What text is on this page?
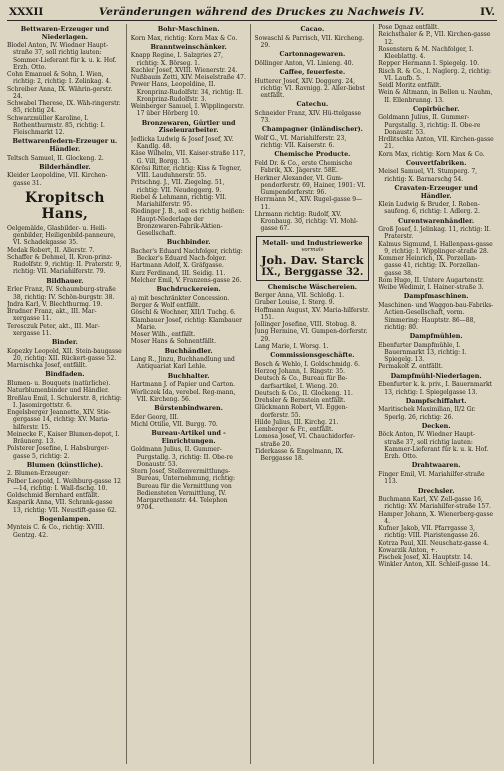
XXXII	Veränderungen während des Druckes zu Nachweis IV.	IV.
Bettwaren-Erzeuger und Niederlagen.
Blodel Anton, IV. Wiedner Haupt-straße 37, soll richtig lauten: Sommer-Lieferant für k. u. k. Hof. Erzh. Otto.
Cohn Emanuel & Sohn, I. Wien, richtig: 2, richtig: I. Zelinkag. 4.
Schreiber Anna, IX. Währin-gerstr. 24.
Schwabel Therese, IX. Wäh-ringerstr. 85, richtig 24.
Schwarzmüller Karoline, I. Rothenthurmstr. 85, richtig: I. Fleischmarkt 12.
Bettwarenfedern-Erzeuger u. Händler.
Teltsch Samuel, II. Glockeng. 2.
Bilderhändler.
Kleider Leopoldine, VII. Kirchen-gasse 31.
Kropitsch Hans,
Oelgemälde, Glasbilder- u. Heili-genbilder, Heiligenbild-panneure, VI. Schadekgasse 35.
Medak Robert, II. Allerstr. 7.
Schaffer & Dehmel, II. Kron-prinz-Rudolfstr. 9, richtig: II. Praterstr. 9, richtig: VII. Mariahilferstr. 79.
Bildhauer.
Erler Franz, IV. Schaumburg-straße 38, richtig: IV. Schön-burgstr. 38.
Jndra Karl, V. Blechthurmg. 19.
Brudner Franz, akt., III. Mar-xergasse 11.
Teresczuk Peter, akt., III. Mar-xergasse 11.
Binder.
Kopezky Leopold, XII. Stein-baugasse 20, richtig: XII. Rückert-gasse 52.
Marnischka Josef, entfällt.
Bindfaden.
Blumen- u. Bouquets (natürliche).
Naturblumenbinder und Händler.
Breßlau Emil, I. Schulerstr. 8, richtig: I. Jasomirgottstr. 6.
Engelsberger Jeannette, XIV. Stie-gergasse 14, richtig: XV. Maria-hilferstr. 15.
Meinecke F., Kaiser Blumen-depot, I. Bräunerg. 13.
Polsterer Josefine, I. Habsburger-gasse 5, richtig: 2.
Blumen (künstliche).
2. Blumen-Erzeuger:
Felber Leopold, I. Weihburg-gasse 12—14, richtig: I. Wall-fischg. 10.
Goldschmid Bernhard entfällt.
Kasparik Anna, VII. Schrank-gasse 13, richtig: VII. Neustift-gasse 62.
Bogenlampen.
Mynteis C. & Co., richtig: XVIII. Gentzg. 42.
Bohr-Maschinen.
Korn Max, richtig: Korn Max & Co.
Branntweinschänker.
Knapp Regine, I. Salzgries 27, richtig: X. Börseg. 1.
Kuchler Josef, XVIII. Wienerstr. 24.
Nußbaum Zetti, XIV. Meiselstraße 47.
Pewer Hans, Leopoldine, II. Kronprinz-Rudolfstr. 34, richtig: II. Kronprinz-Rudolfstr. 3.
Weinberger Samuel, I. Wipplingerstr. 17 über Hörberg 10.
Bronzewaren, Gürtler und Ziseleurarbeiter.
Jedlicka Ludwig & Josef Josef, XV. Kandlg. 48.
Käse Wilhelm, VII. Kaiser-straße 117, G. Vill, Borgg. 15.
Körösi Ritter, richtig: Kiss & Tegner, VIII. Lauduhnerstr. 55.
Pritschng. J., VII. Ziegelng. 51, richtig: VII. Neudeggerg. 9.
Riebel & Lehmann, richtig: VII. Mariahilferstr. 95.
Riedinger J. B., soll es richtig heißen: Haupt-Niederlage der Bronzewaren-Fabrik-Aktien-Gesellschaft.
Buchbinder.
Bacher's Eduard Nachfolger, richtig: Becker's Eduard Nach-folger.
Hartmann Adolf, X. Gräfgasse.
Kurz Ferdinand, III. Seidig. 11.
Melcher Emil, V. Franzens-gasse 26.
Buchdruckereien.
a) mit beschränkter Concession.
Berger & Wolf entfällt.
Göschl & Wochner, XII/1 Tuchg. 6.
Klambauer Josef, richtig: Klambauer Marie.
Moser Wilh., entfällt.
Moser Hans & Sohnentfällt.
Buchhändler.
Lang R., Jinzu, Buchhandlung und Antiquariat Karl Lehle.
Buchhalter.
Hartmann J. of Papier und Carton.
Worliczek Ida, verebel. Reg-mann, VII. Kircheng. 56.
Bürstenbindwaren.
Eder Georg, III.
Michl Ottilie, VII. Burgg. 70.
Bureau-Artikel und -Einrichtungen.
Goldmann Julius, II. Gummer-Purgstallg. 3, richtig: II. Obe-re Donaustr. 53.
Stern Josef, Stellenvermittlungs-Bureau, Unternehmung, richtig: Bureau für die Vermittlung von Bediensteten Vermittlung, IV. Margarethenstr. 44. Telephon 9704.
Cacao.
Sowaschl & Parrisch, VII. Kircheng. 29.
Cartonnagewaren.
Döllinger Anton, VI. Linieng. 40.
Caffee, feuerfeste.
Hutterer Josef, XIV. Doggerg. 24, richtig: VI. Ravnigg. 2. Aller-liebst entfällt.
Catechu.
Schneider Franz, XIV. Hü-ttelgasse 73.
Champagner (inländischer).
Wolf G., VI. Mariahilferstr. 23, richtig: VII. Kaiserstr. 6.
Chemische Producte.
Feld Dr. & Co., erste Chemische Fabrik, XX. Jägerstr. 58E.
Herkner Alexander, VI. Gum-pendorferstr. 69, Hainer, 1901: VI. Gumpendorferstr. 96.
Herrmann M., XIV. Rugel-gasse 9—11.
Lhrmann richtig: Rudolf, XV. Kronbaug. 30, richtig: VI. Mohl-gasse 67.
Metall- und Industriewerke
vormals
Joh. Dav. Starck
IX., Berggasse 32.
Chemische Wäschereien.
Berger Anna, VII. Schloßg. 1.
Gruber Louise, I. Sterg. 9.
Hoffmann August, XV. Maria-hilferstr. 151.
Jollinger Josefine, VIII. Stobug. 8.
Jung Hermine, VI. Gumpen-dorferstr. 29.
Lang Marie, I. Worsg. 1.
Commissionsgeschäfte.
Bosch & Wehlo, I. Goldschmidg. 6.
Herzog Johann, I. Ringstr. 35.
Deutsch & Co., Bureau für Be-darfsartikel, I. Wieng. 20.
Deutsch & Co., II. Glockeng. 11.
Drehsler & Bernstein entfällt.
Glückmann Robert, VI. Eggen-dorferstr. 55.
Hilde Julius, III. Kirchg. 21.
Lemberger & Fr., entfällt.
Lomosa Josef, VI. Chauchidorfer-straße 20.
Tiderkasse & Engelmann, IX. Berggasse 18.
Pose Dgnaz entfällt.
Reichsthaler & P., VII. Kirchen-gasse 12.
Rosenstern & M. Nachfolger, I. Kleeblattg. 4.
Repper Hermann I. Spiegelg. 10.
Risch R. & Co., I. Naglerg. 2, richtig: VI. Laufb. 5.
Seidl Moritz entfällt.
Wein & Altmann, in Bellen u. Nauhm, II. Ellenbrunng. 13.
Copirbücher.
Goldmann Julius, II. Gummer-Purgstallg. 3, richtig: II. Obe-re Donaustr. 53.
Hrdlitschka Anton, VII. Kirchen-gasse 21.
Korn Max, richtig: Korn Max & Co.
Couvertfabriken.
Meisel Samuel, VI. Stumperg. 7, richtig: X. Barnarschg 54.
Cravaten-Erzeuger und Händler.
Klein Ludwig & Bruder, I. Roben-saufeng. 6, richtig: I. Adlerg. 2.
Curentwarenhändler.
Groß Josef, I. Jelinkag. 11, richtig: II. Praterstr.
Kalmus Sigmund, I. Hallenpass-gasse 9, richtig: I. Wipplinger-straße 28.
Kommer Heinrich, IX. Porzellan-gasse 41, richtig: IX. Porzellan-gasse 38.
Rom Hugo, II. Untere Augartenstr.
Weibe Wedimir, I. Hainer-straße 3.
Dampfmaschinen.
Maschinen- und Waggon-bau-Fabriks-Actien-Gesellschaft, vorm. Simmering: Hauptstr. 86—88, richtig: 80.
Dampfmühlen.
Ebenfurter Dampfmühle, I. Bauernmarkt 13, richtig: I. Spiegelg. 13.
Permakolt Z. entfällt.
Dampfmühl-Niederlagen.
Ebenfurter k. k. priv., I. Bauernmarkt 13, richtig: I. Spiegelgasse 13.
Dampfschiffahrt.
Maritischek Maximilian, II/2 Gr. Sperlg. 26, richtig: 26.
Decken.
Böck Anton, IV. Wiedner Haupt-straße 37, soll richtig lauten: Kammer-Lieferant für k. u. k. Hof. Erzh. Otto.
Drahtwaaren.
Finger Emil, VI. Mariahilfer-straße 113.
Drechsler.
Buchmann Karl, XV. Zell-gasse 16, richtig: XV. Mariahilfer-straße 157.
Hamper Johann, X. Wienerberg-gasse 4.
Kufner Jakob, VII. Pfarrgasse 3, richtig: VIII. Piaristengasse 26.
Kotrza Paul, XII. Neuschatz-gasse 4.
Kowarzik Anton, +.
Pischek Josef, XI. Hauptstr. 14.
Winkler Anton, XII. Schleif-gasse 14.
